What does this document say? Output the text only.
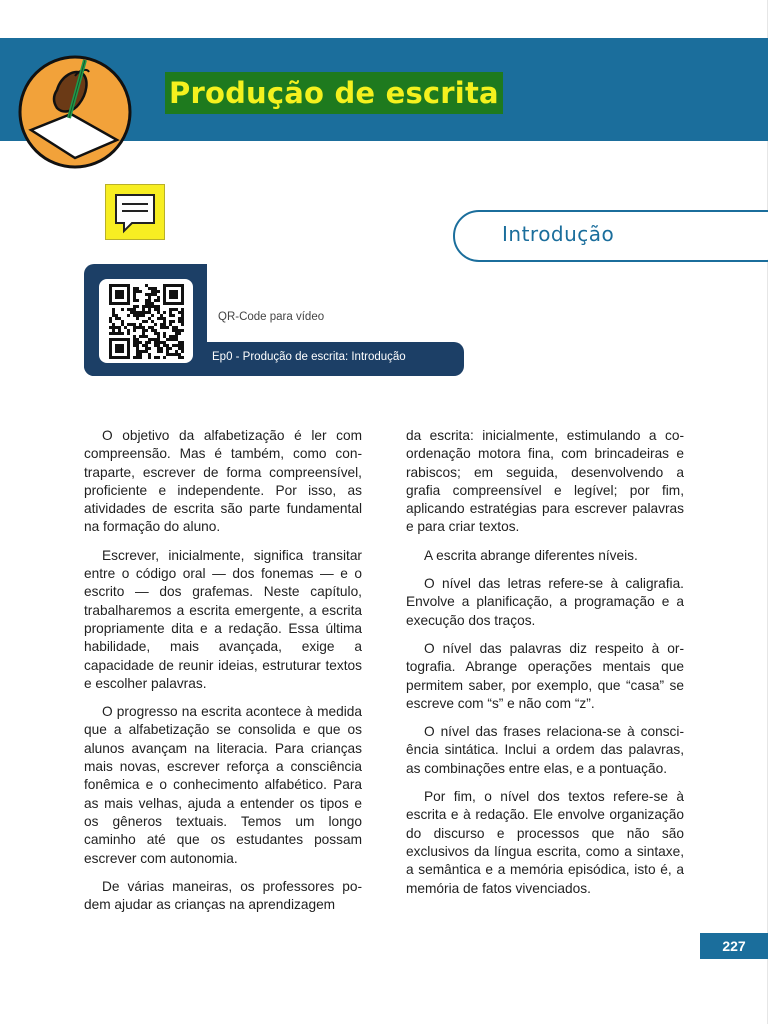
Produção de escrita
Introdução
QR-Code para vídeo
Ep0 - Produção de escrita: Introdução

O objetivo da alfabetização é ler com compreensão. Mas é também, como contraparte, escrever de forma compreensível, proficiente e independente. Por isso, as atividades de escrita são parte fundamental na formação do aluno.

Escrever, inicialmente, significa transitar entre o código oral — dos fonemas — e o escrito — dos grafemas. Neste capítulo, trabalharemos a escrita emergente, a escrita propriamente dita e a redação. Essa última habilidade, mais avançada, exige a capacidade de reunir ideias, estruturar textos e escolher palavras.

O progresso na escrita acontece à medida que a alfabetização se consolida e que os alunos avançam na literacia. Para crianças mais novas, escrever reforça a consciência fonêmica e o conhecimento alfabético. Para as mais velhas, ajuda a entender os tipos e os gêneros textuais. Temos um longo caminho até que os estudantes possam escrever com autonomia.

De várias maneiras, os professores podem ajudar as crianças na aprendizagem

da escrita: inicialmente, estimulando a coordenação motora fina, com brincadeiras e rabiscos; em seguida, desenvolvendo a grafia compreensível e legível; por fim, aplicando estratégias para escrever palavras e para criar textos.

A escrita abrange diferentes níveis.

O nível das letras refere-se à caligrafia. Envolve a planificação, a programação e a execução dos traços.

O nível das palavras diz respeito à ortografia. Abrange operações mentais que permitem saber, por exemplo, que “casa” se escreve com “s” e não com “z”.

O nível das frases relaciona-se à consciência sintática. Inclui a ordem das palavras, as combinações entre elas, e a pontuação.

Por fim, o nível dos textos refere-se à escrita e à redação. Ele envolve organização do discurso e processos que não são exclusivos da língua escrita, como a sintaxe, a semântica e a memória episódica, isto é, a memória de fatos vivenciados.

227
